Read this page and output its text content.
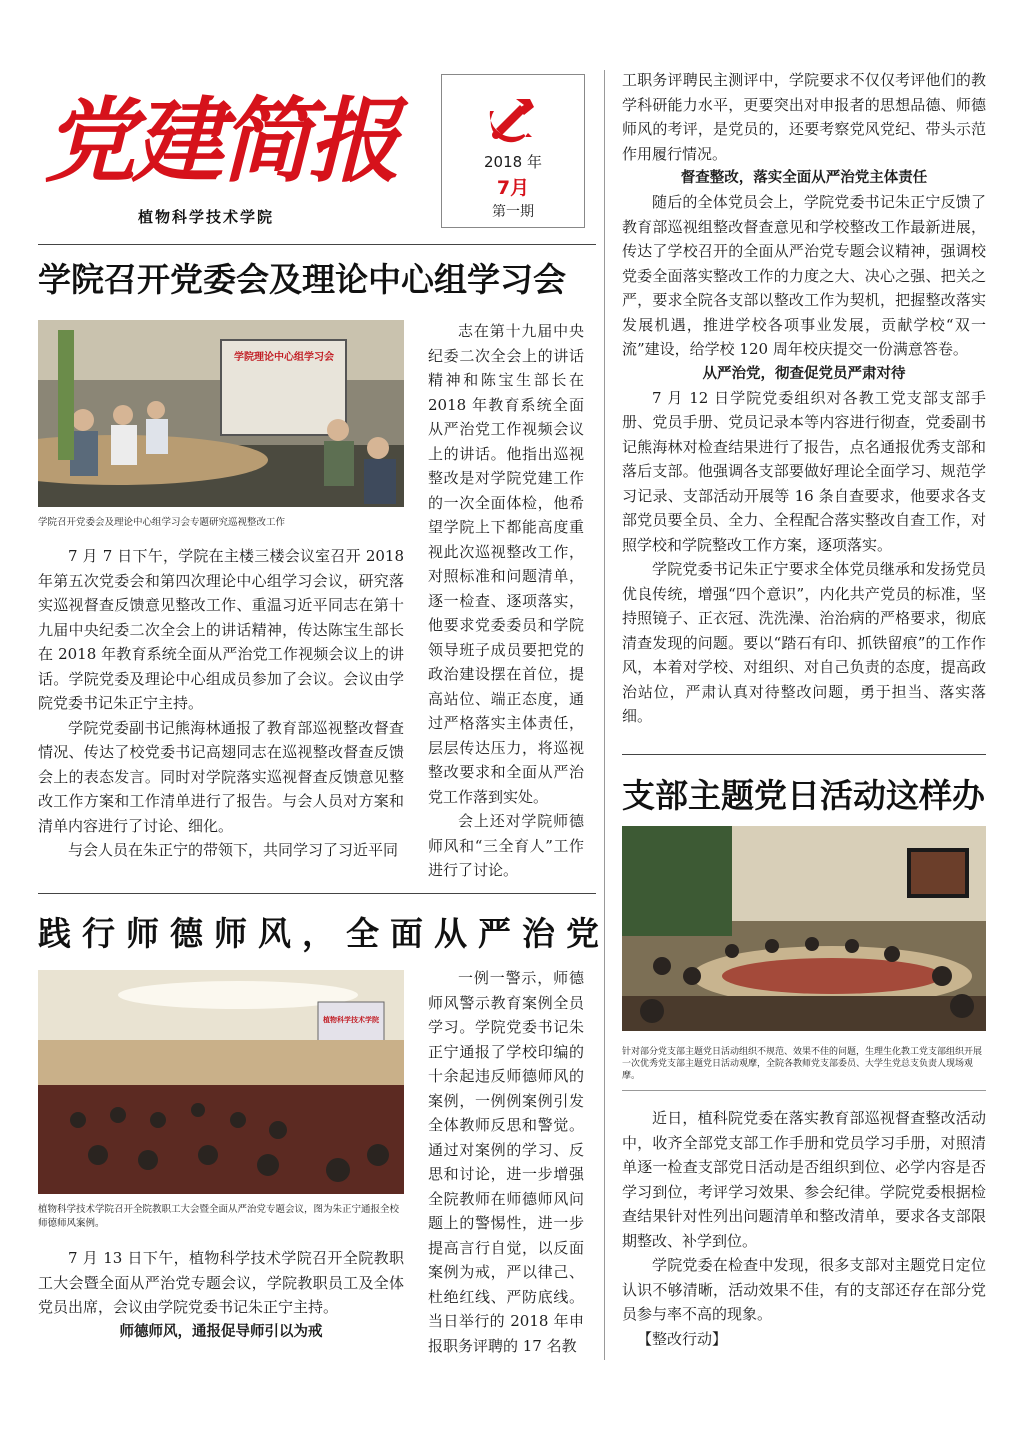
党建简报
植物科学技术学院
2018 年
7月
第一期
学院召开党委会及理论中心组学习会
学院理论中心组学习会
学院召开党委会及理论中心组学习会专题研究巡视整改工作

7 月 7 日下午，学院在主楼三楼会议室召开 2018 年第五次党委会和第四次理论中心组学习会议，研究落实巡视督查反馈意见整改工作、重温习近平同志在第十九届中央纪委二次全会上的讲话精神，传达陈宝生部长在 2018 年教育系统全面从严治党工作视频会议上的讲话。学院党委及理论中心组成员参加了会议。会议由学院党委书记朱正宁主持。

学院党委副书记熊海林通报了教育部巡视整改督查情况、传达了校党委书记高翅同志在巡视整改督查反馈会上的表态发言。同时对学院落实巡视督查反馈意见整改工作方案和工作清单进行了报告。与会人员对方案和清单内容进行了讨论、细化。

与会人员在朱正宁的带领下，共同学习了习近平同

志在第十九届中央纪委二次全会上的讲话精神和陈宝生部长在 2018 年教育系统全面从严治党工作视频会议上的讲话。他指出巡视整改是对学院党建工作的一次全面体检，他希望学院上下都能高度重视此次巡视整改工作，对照标准和问题清单，逐一检查、逐项落实，他要求党委委员和学院领导班子成员要把党的政治建设摆在首位，提高站位、端正态度，通过严格落实主体责任，层层传达压力，将巡视整改要求和全面从严治党工作落到实处。

会上还对学院师德师风和“三全育人”工作进行了讨论。

践行师德师风，全面从严治党
植物科学技术学院
植物科学技术学院召开全院教职工大会暨全面从严治党专题会议，图为朱正宁通报全校师德师风案例。

7 月 13 日下午，植物科学技术学院召开全院教职工大会暨全面从严治党专题会议，学院教职员工及全体党员出席，会议由学院党委书记朱正宁主持。

师德师风，通报促导师引以为戒

一例一警示，师德师风警示教育案例全员学习。学院党委书记朱正宁通报了学校印编的十余起违反师德师风的案例，一例例案例引发全体教师反思和警觉。通过对案例的学习、反思和讨论，进一步增强全院教师在师德师风问题上的警惕性，进一步提高言行自觉，以反面案例为戒，严以律己、杜绝红线、严防底线。当日举行的 2018 年申报职务评聘的 17 名教

工职务评聘民主测评中，学院要求不仅仅考评他们的教学科研能力水平，更要突出对申报者的思想品德、师德师风的考评，是党员的，还要考察党风党纪、带头示范作用履行情况。

督查整改，落实全面从严治党主体责任

随后的全体党员会上，学院党委书记朱正宁反馈了教育部巡视组整改督查意见和学校整改工作最新进展，传达了学校召开的全面从严治党专题会议精神，强调校党委全面落实整改工作的力度之大、决心之强、把关之严，要求全院各支部以整改工作为契机，把握整改落实发展机遇，推进学校各项事业发展，贡献学校“双一流”建设，给学校 120 周年校庆提交一份满意答卷。

从严治党，彻查促党员严肃对待

7 月 12 日学院党委组织对各教工党支部支部手册、党员手册、党员记录本等内容进行彻查，党委副书记熊海林对检查结果进行了报告，点名通报优秀支部和落后支部。他强调各支部要做好理论全面学习、规范学习记录、支部活动开展等 16 条自查要求，他要求各支部党员要全员、全力、全程配合落实整改自查工作，对照学校和学院整改工作方案，逐项落实。

学院党委书记朱正宁要求全体党员继承和发扬党员优良传统，增强“四个意识”，内化共产党员的标准，坚持照镜子、正衣冠、洗洗澡、治治病的严格要求，彻底清查发现的问题。要以“踏石有印、抓铁留痕”的工作作风，本着对学校、对组织、对自己负责的态度，提高政治站位，严肃认真对待整改问题，勇于担当、落实落细。

支部主题党日活动这样办
针对部分党支部主题党日活动组织不规范、效果不佳的问题，生理生化教工党支部组织开展一次优秀党支部主题党日活动观摩，全院各教师党支部委员、大学生党总支负责人现场观摩。

近日，植科院党委在落实教育部巡视督查整改活动中，收齐全部党支部工作手册和党员学习手册，对照清单逐一检查支部党日活动是否组织到位、必学内容是否学习到位，考评学习效果、参会纪律。学院党委根据检查结果针对性列出问题清单和整改清单，要求各支部限期整改、补学到位。

学院党委在检查中发现，很多支部对主题党日定位认识不够清晰，活动效果不佳，有的支部还存在部分党员参与率不高的现象。

【整改行动】
